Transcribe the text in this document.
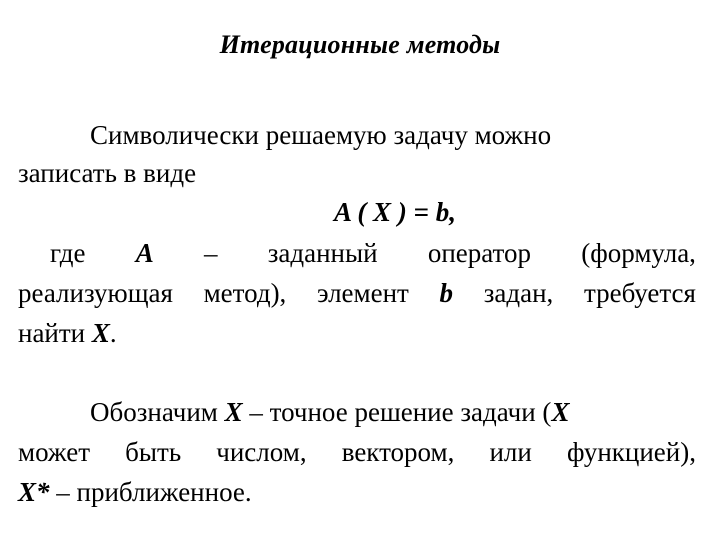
Итерационные методы
Символически решаемую задачу можно
записать в виде
A ( X ) = b,
где A – заданный оператор (формула,
реализующая метод), элемент b задан, требуется
найти X.
Обозначим X – точное решение задачи (X
может быть числом, вектором, или функцией),
X* – приближенное.
